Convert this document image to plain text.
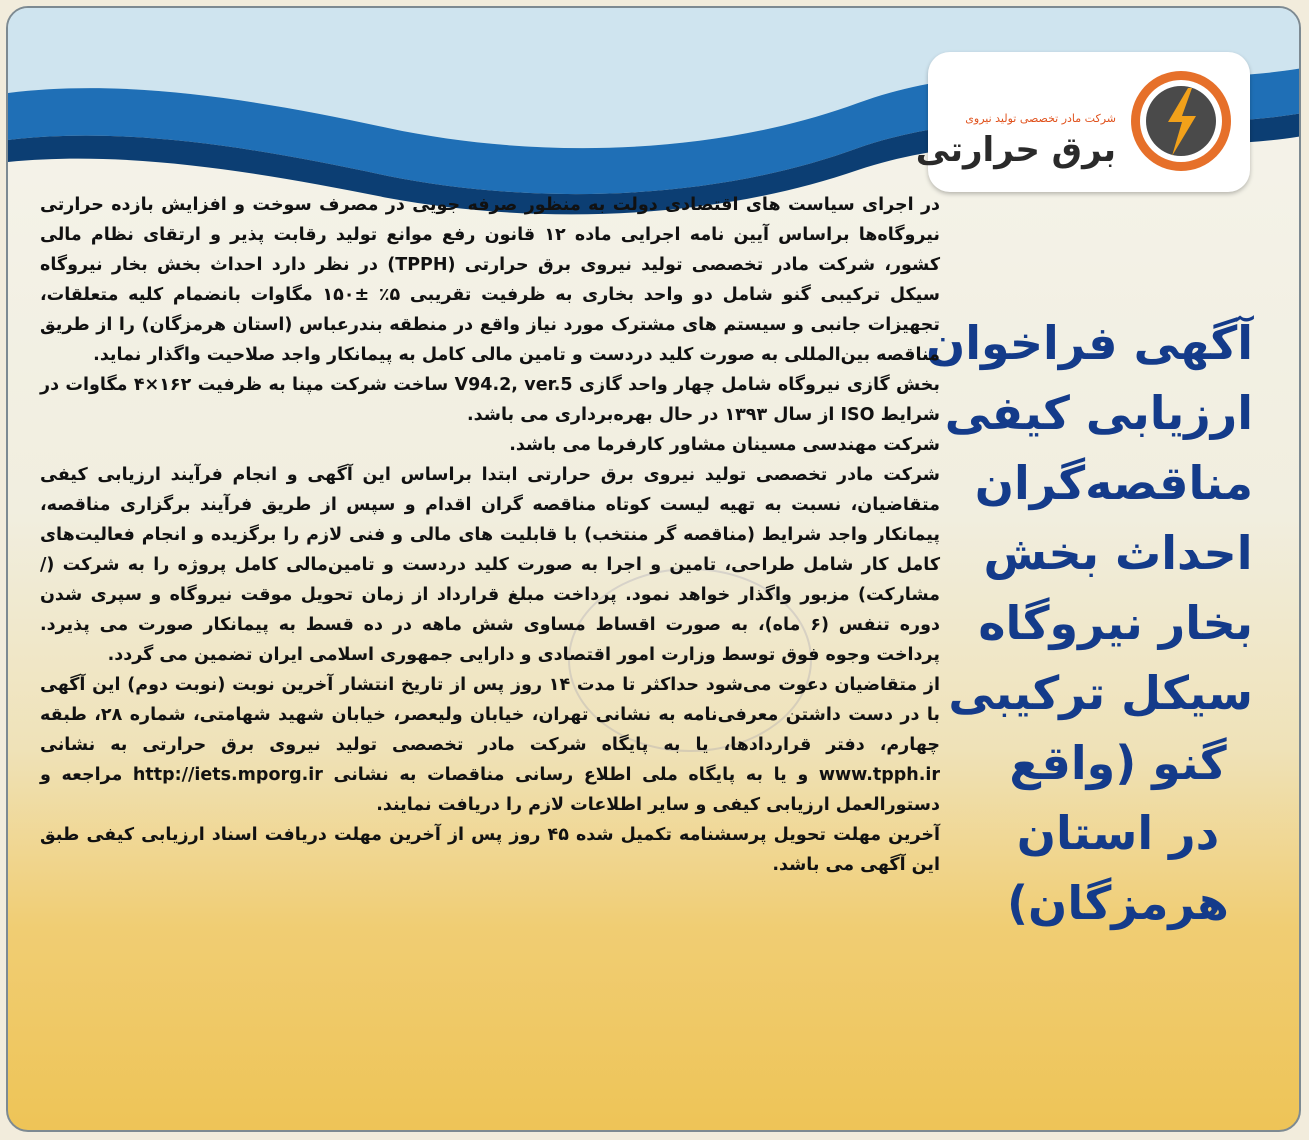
شرکت مادر تخصصی تولید نیروی
برق حرارتی
آگهی فراخوان
ارزیابی کیفی
مناقصه‌گران
احداث بخش
بخار نیروگاه
سیکل ترکیبی
گنو (واقع
در استان
هرمزگان)

در اجرای سیاست های اقتصادی دولت به منظور صرفه جویی در مصرف سوخت و افزایش بازده حرارتی نیروگاه‌ها براساس آیین نامه اجرایی ماده ۱۲ قانون رفع موانع تولید رقابت پذیر و ارتقای نظام مالی کشور، شرکت مادر تخصصی تولید نیروی برق حرارتی (TPPH) در نظر دارد احداث بخش بخار نیروگاه سیکل ترکیبی گنو شامل دو واحد بخاری به ظرفیت تقریبی ۵٪ ±۱۵۰ مگاوات بانضمام کلیه متعلقات، تجهیزات جانبی و سیستم های مشترک مورد نیاز واقع در منطقه بندرعباس (استان هرمزگان) را از طریق مناقصه بین‌المللی به صورت کلید دردست و تامین مالی کامل به پیمانکار واجد صلاحیت واگذار نماید.

بخش گازی نیروگاه شامل چهار واحد گازی V94.2, ver.5 ساخت شرکت مپنا به ظرفیت ۱۶۲×۴ مگاوات در شرایط ISO از سال ۱۳۹۳ در حال بهره‌برداری می باشد.

شرکت مهندسی مسینان مشاور کارفرما می باشد.

شرکت مادر تخصصی تولید نیروی برق حرارتی ابتدا براساس این آگهی و انجام فرآیند ارزیابی کیفی متقاضیان، نسبت به تهیه لیست کوتاه مناقصه گران اقدام و سپس از طریق فرآیند برگزاری مناقصه، پیمانکار واجد شرایط (مناقصه گر منتخب) با قابلیت های مالی و فنی لازم را برگزیده و انجام فعالیت‌های کامل کار شامل طراحی، تامین و اجرا به صورت کلید دردست و تامین‌مالی کامل پروژه را به شرکت (/مشارکت) مزبور واگذار خواهد نمود. پرداخت مبلغ قرارداد از زمان تحویل موقت نیروگاه و سپری شدن دوره تنفس (۶ ماه)، به صورت اقساط مساوی شش ماهه در ده قسط به پیمانکار صورت می پذیرد. پرداخت وجوه فوق توسط وزارت امور اقتصادی و دارایی جمهوری اسلامی ایران تضمین می گردد.

از متقاضیان دعوت می‌شود حداکثر تا مدت ۱۴ روز پس از تاریخ انتشار آخرین نوبت (نوبت دوم) این آگهی با در دست داشتن معرفی‌نامه به نشانی تهران، خیابان ولیعصر، خیابان شهید شهامتی، شماره ۲۸، طبقه چهارم، دفتر قراردادها، یا به پایگاه شرکت مادر تخصصی تولید نیروی برق حرارتی به نشانی www.tpph.ir و یا به پایگاه ملی اطلاع رسانی مناقصات به نشانی http://iets.mporg.ir مراجعه و دستورالعمل ارزیابی کیفی و سایر اطلاعات لازم را دریافت نمایند.

آخرین مهلت تحویل پرسشنامه تکمیل شده ۴۵ روز پس از آخرین مهلت دریافت اسناد ارزیابی کیفی طبق این آگهی می باشد.
